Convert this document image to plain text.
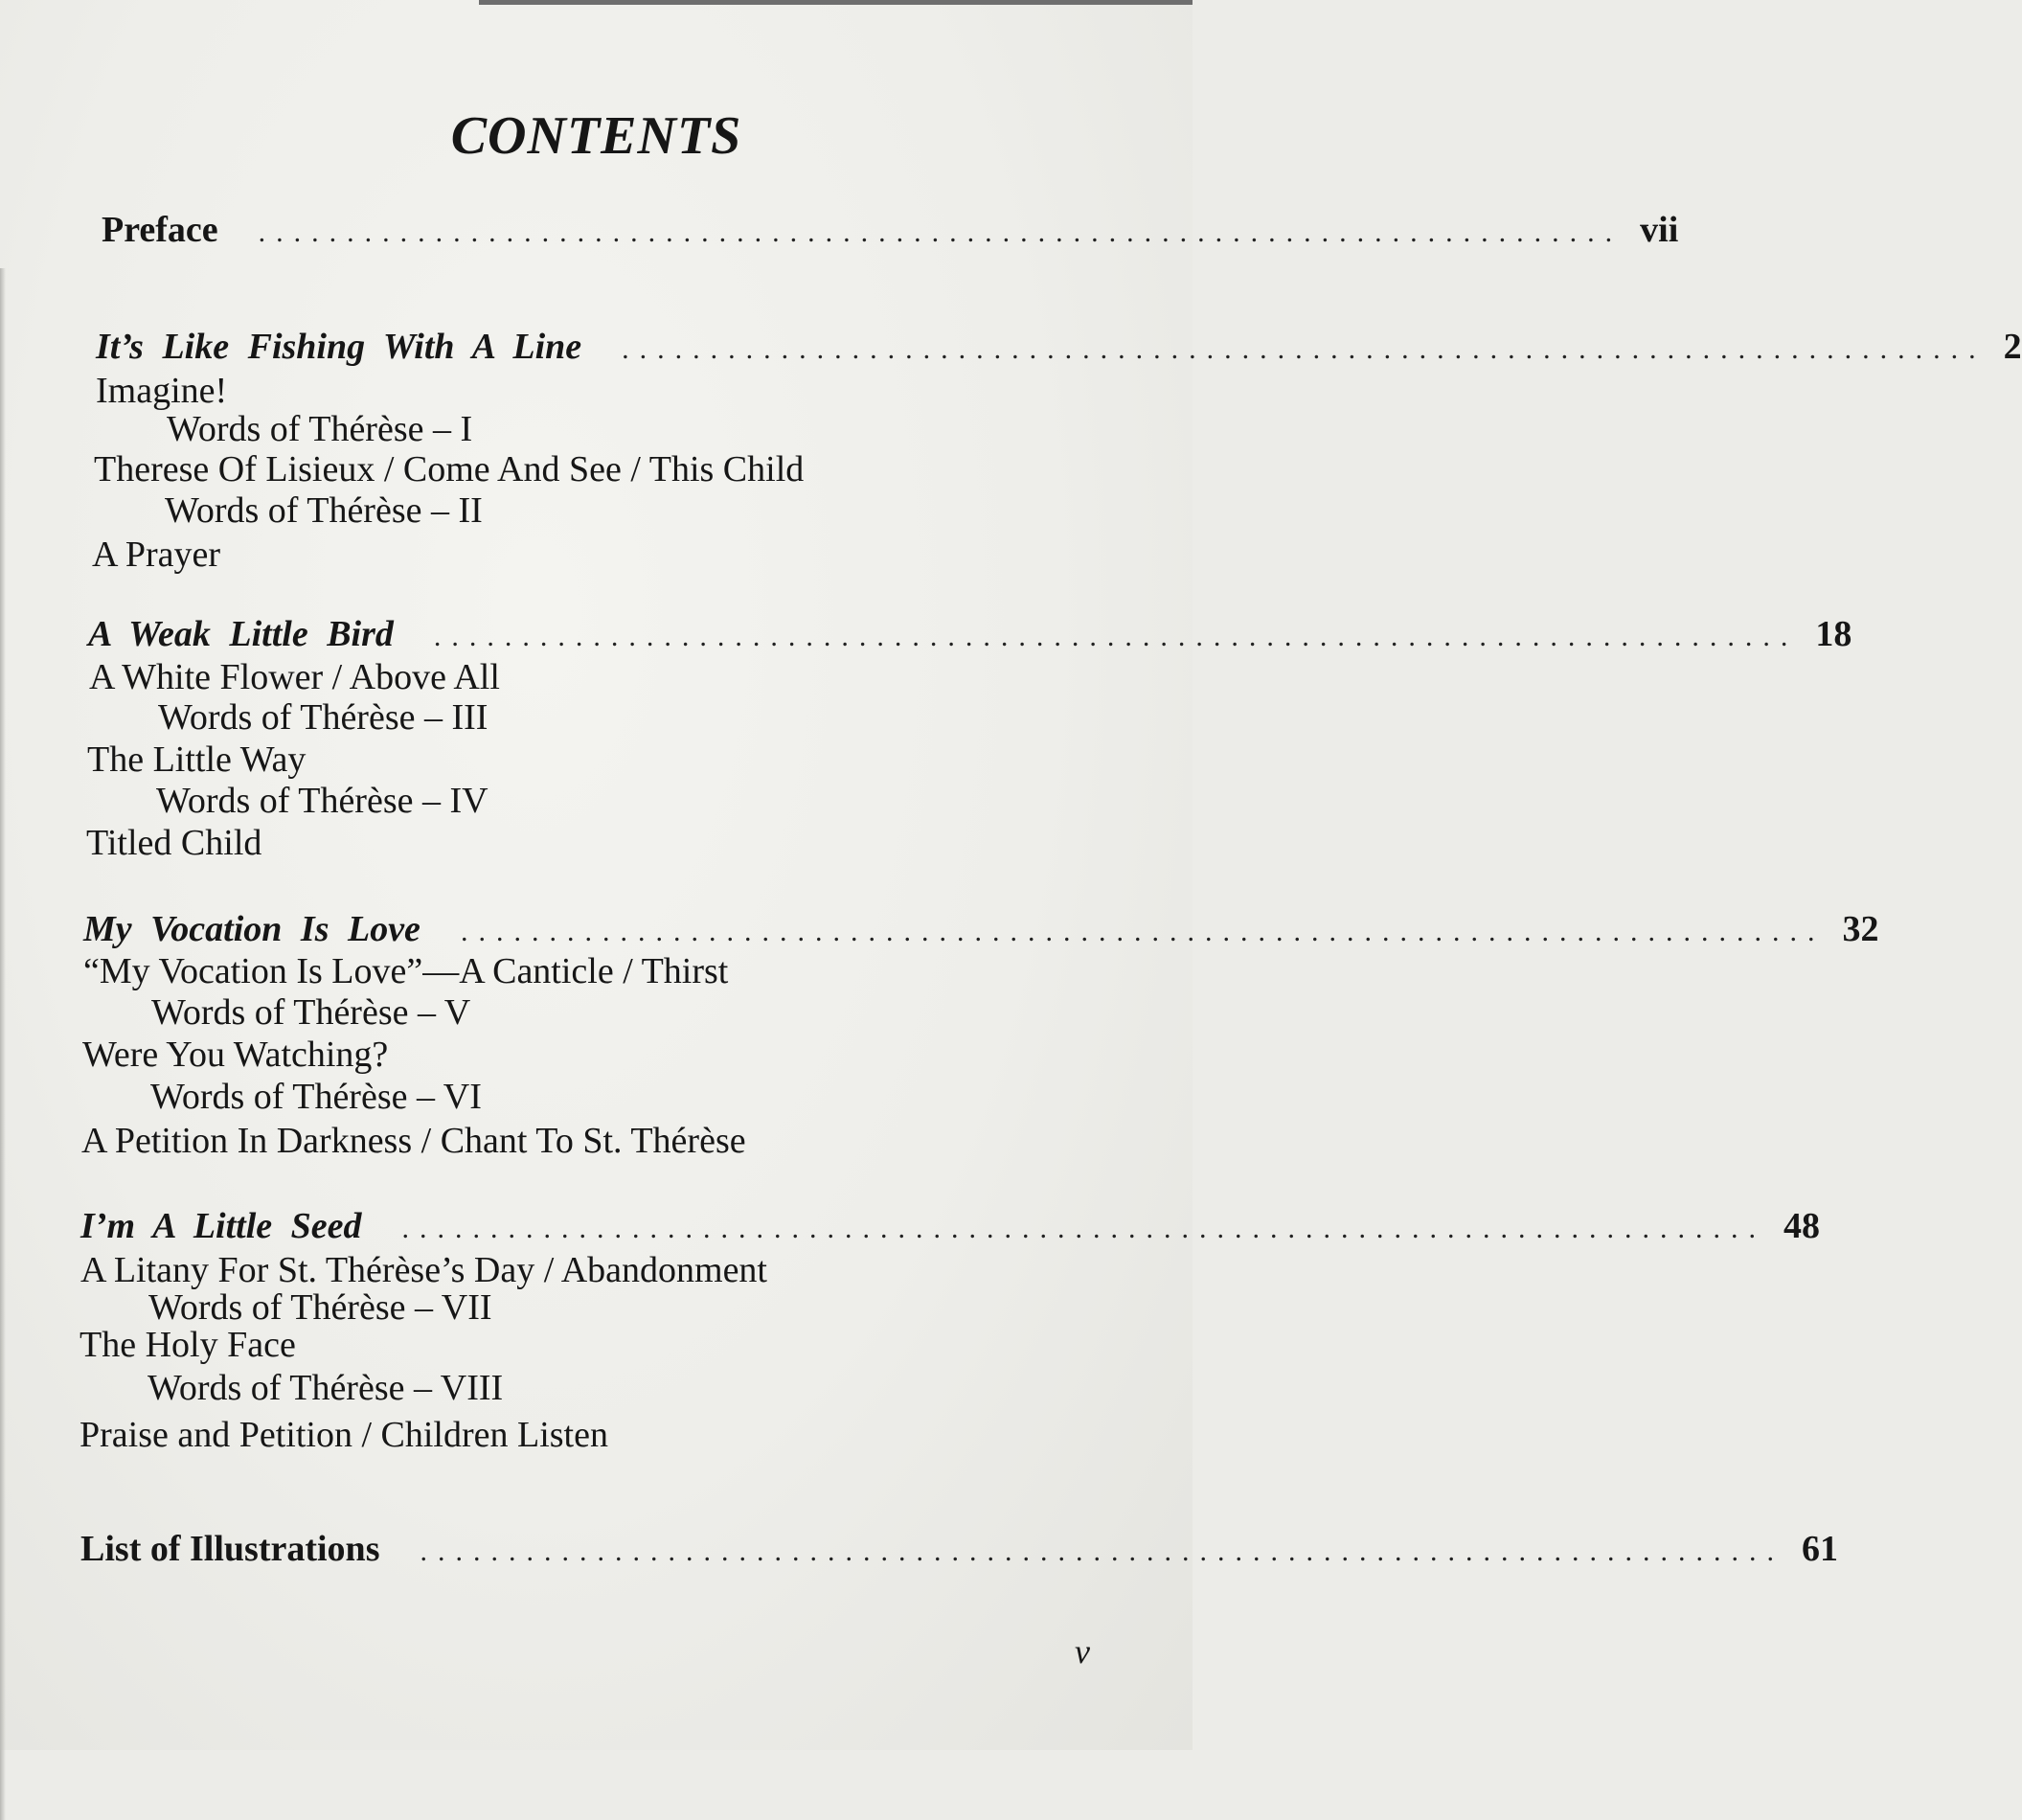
CONTENTS
Preface ............................................................................. vii
It’s Like Fishing With A Line ............................................................................. 2
Imagine!
Words of Thérèse – I
Therese Of Lisieux / Come And See / This Child
Words of Thérèse – II
A Prayer
A Weak Little Bird ............................................................................. 18
A White Flower / Above All
Words of Thérèse – III
The Little Way
Words of Thérèse – IV
Titled Child
My Vocation Is Love ............................................................................. 32
“My Vocation Is Love”—A Canticle / Thirst
Words of Thérèse – V
Were You Watching?
Words of Thérèse – VI
A Petition In Darkness / Chant To St. Thérèse
I’m A Little Seed ............................................................................. 48
A Litany For St. Thérèse’s Day / Abandonment
Words of Thérèse – VII
The Holy Face
Words of Thérèse – VIII
Praise and Petition / Children Listen
List of Illustrations ............................................................................. 61
v
